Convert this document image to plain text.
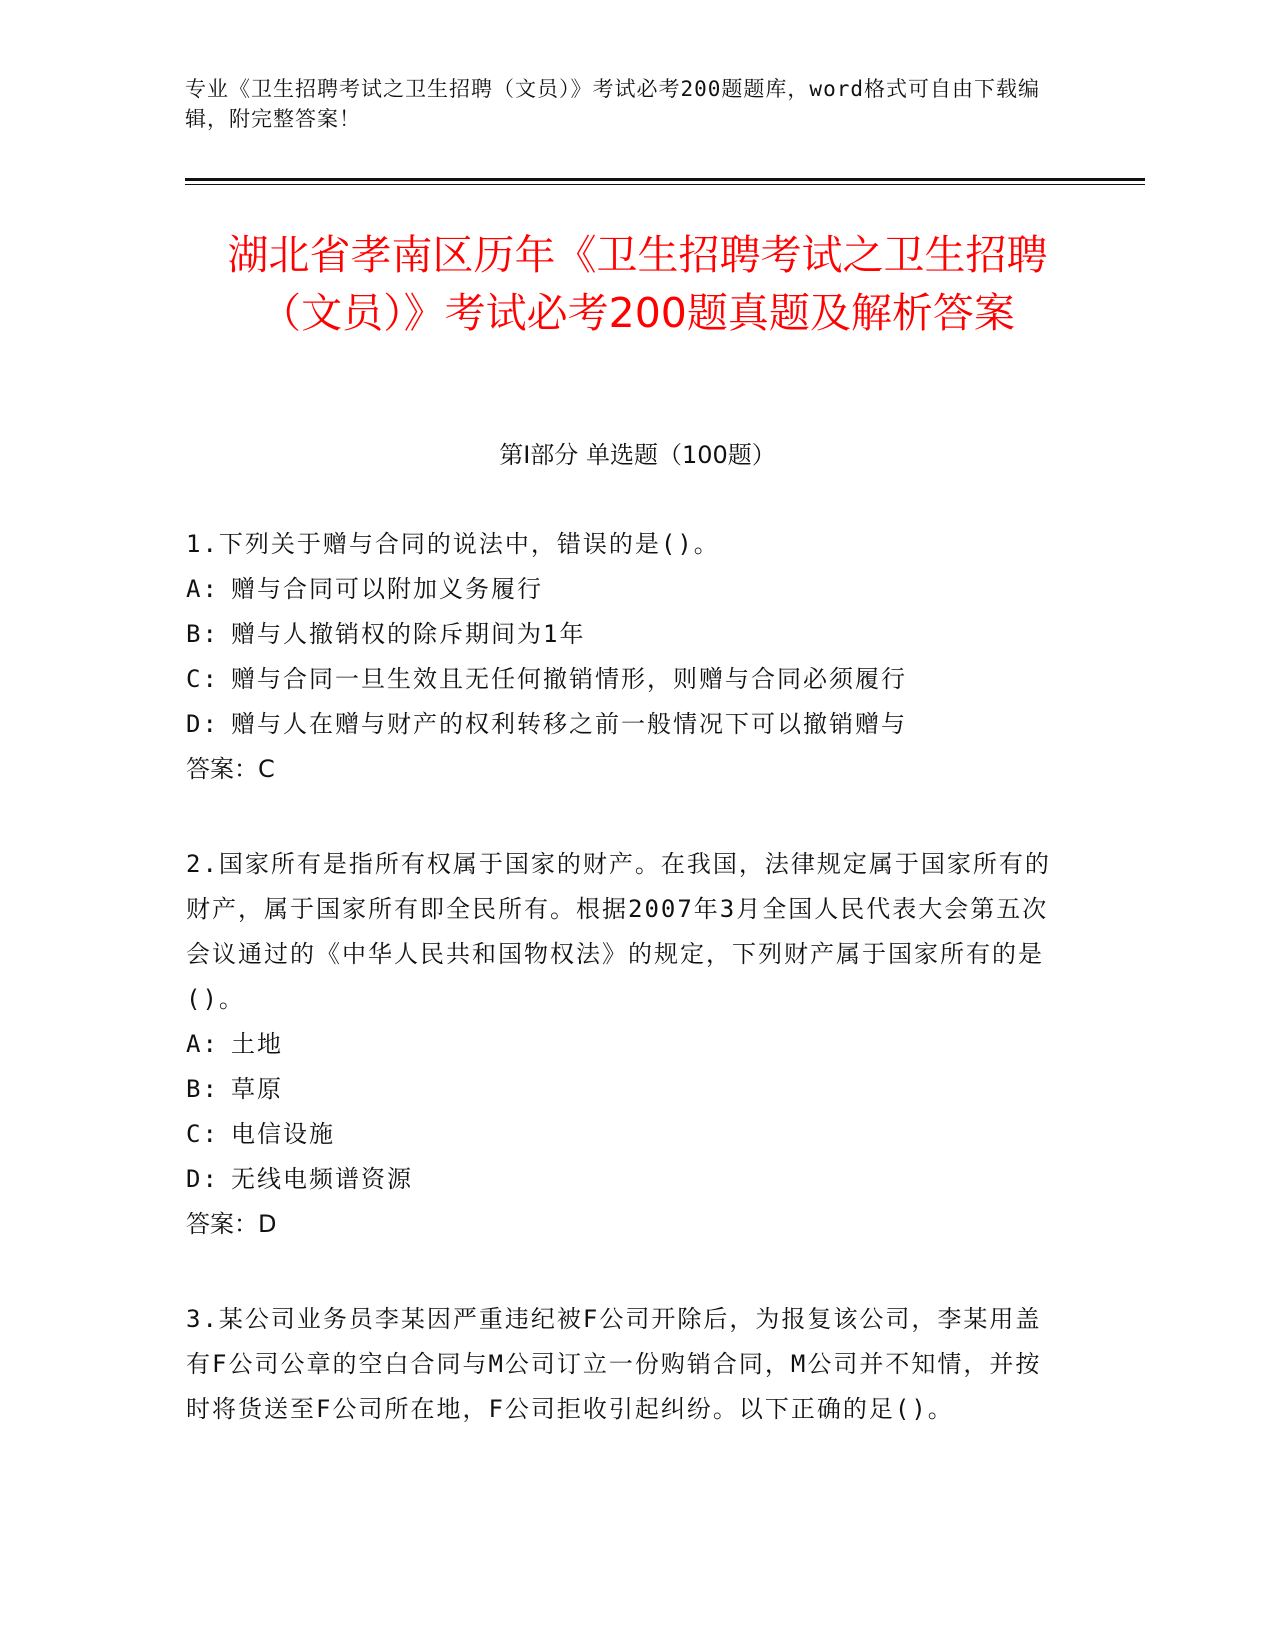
专业《卫生招聘考试之卫生招聘（文员）》考试必考200题题库，word格式可自由下载编辑，附完整答案！
湖北省孝南区历年《卫生招聘考试之卫生招聘（文员）》考试必考200题真题及解析答案
第I部分 单选题（100题）
1.下列关于赠与合同的说法中，错误的是()。
A: 赠与合同可以附加义务履行
B: 赠与人撤销权的除斥期间为1年
C: 赠与合同一旦生效且无任何撤销情形，则赠与合同必须履行
D: 赠与人在赠与财产的权利转移之前一般情况下可以撤销赠与
答案：C
2.国家所有是指所有权属于国家的财产。在我国，法律规定属于国家所有的财产，属于国家所有即全民所有。根据2007年3月全国人民代表大会第五次会议通过的《中华人民共和国物权法》的规定，下列财产属于国家所有的是()。
A: 土地
B: 草原
C: 电信设施
D: 无线电频谱资源
答案：D
3.某公司业务员李某因严重违纪被F公司开除后，为报复该公司，李某用盖有F公司公章的空白合同与M公司订立一份购销合同，M公司并不知情，并按时将货送至F公司所在地，F公司拒收引起纠纷。以下正确的足()。
